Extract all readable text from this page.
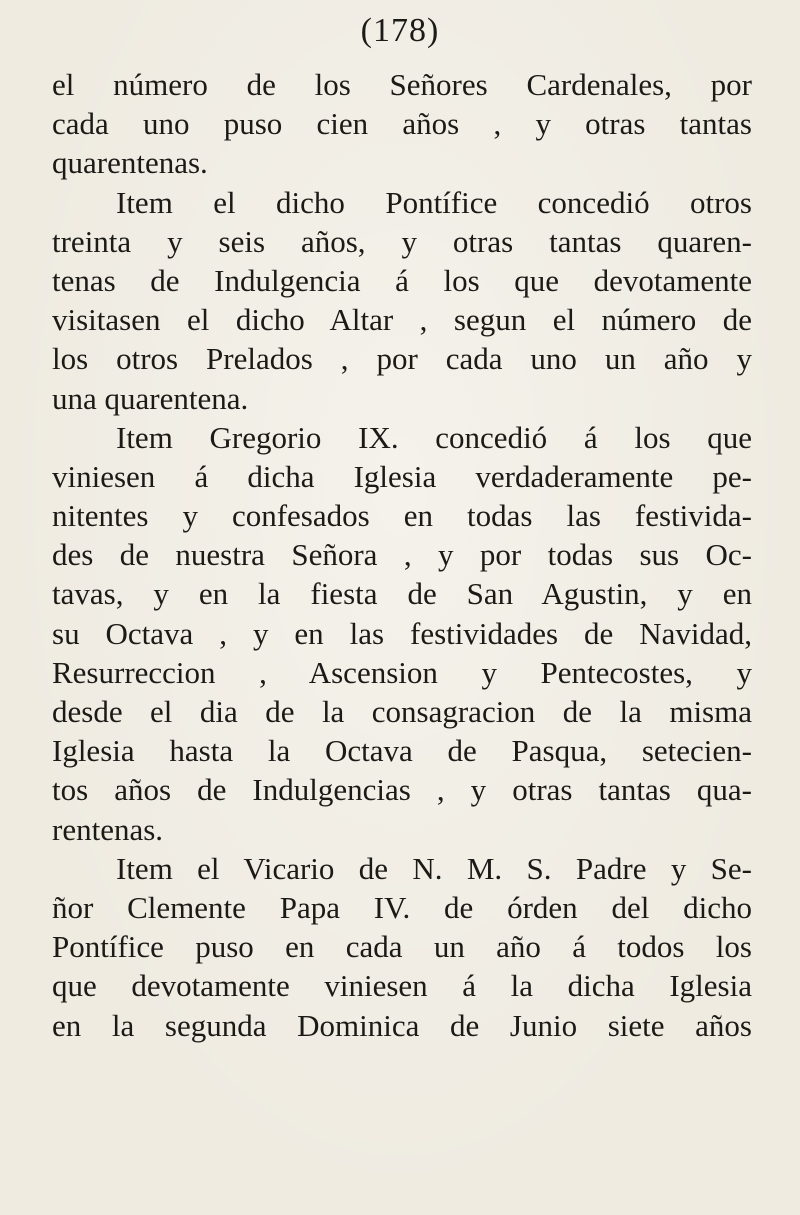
(178)
el número de los Señores Cardenales, por
cada uno puso cien años , y otras tantas
quarentenas.
Item el dicho Pontífice concedió otros
treinta y seis años, y otras tantas quaren-
tenas de Indulgencia á los que devotamente
visitasen el dicho Altar , segun el número de
los otros Prelados , por cada uno un año y
una quarentena.
Item Gregorio IX. concedió á los que
viniesen á dicha Iglesia verdaderamente pe-
nitentes y confesados en todas las festivida-
des de nuestra Señora , y por todas sus Oc-
tavas, y en la fiesta de San Agustin, y en
su Octava , y en las festividades de Navidad,
Resurreccion , Ascension y Pentecostes, y
desde el dia de la consagracion de la misma
Iglesia hasta la Octava de Pasqua, setecien-
tos años de Indulgencias , y otras tantas qua-
rentenas.
Item el Vicario de N. M. S. Padre y Se-
ñor Clemente Papa IV. de órden del dicho
Pontífice puso en cada un año á todos los
que devotamente viniesen á la dicha Iglesia
en la segunda Dominica de Junio siete años
